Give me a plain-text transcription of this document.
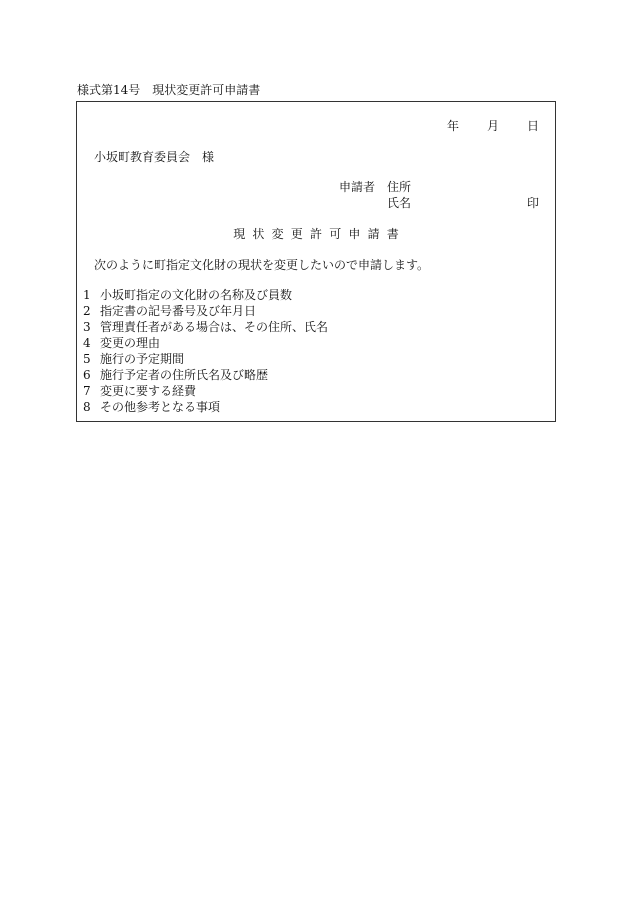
様式第14号　現状変更許可申請書
年 月 日
小坂町教育委員会　様
申請者 住所
氏名	印
現状変更許可申請書
次のように町指定文化財の現状を変更したいので申請します。
1 小坂町指定の文化財の名称及び員数
2 指定書の記号番号及び年月日
3 管理責任者がある場合は、その住所、氏名
4 変更の理由
5 施行の予定期間
6 施行予定者の住所氏名及び略歴
7 変更に要する経費
8 その他参考となる事項
